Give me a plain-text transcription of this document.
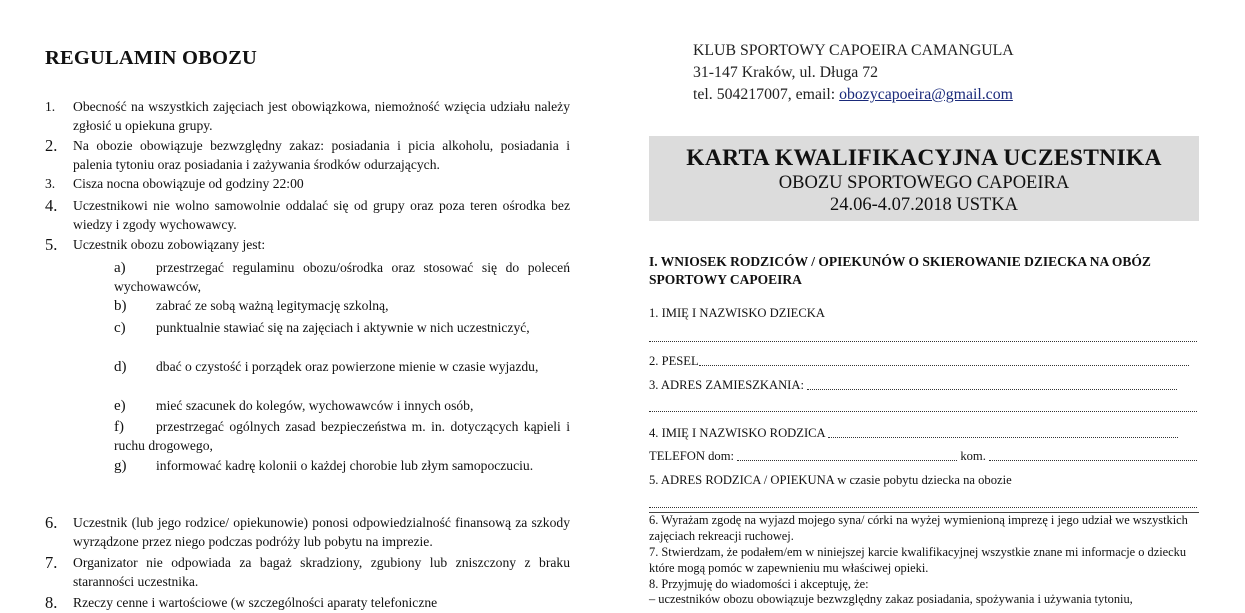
REGULAMIN OBOZU
1. Obecność na wszystkich zajęciach jest obowiązkowa, niemożność wzięcia udziału należy zgłosić u opiekuna grupy.
2. Na obozie obowiązuje bezwzględny zakaz: posiadania i picia alkoholu, posiadania i palenia tytoniu oraz posiadania i zażywania środków odurzających.
3. Cisza nocna obowiązuje od godziny 22:00
4. Uczestnikowi nie wolno samowolnie oddalać się od grupy oraz poza teren ośrodka bez wiedzy i zgody wychowawcy.
5. Uczestnik obozu zobowiązany jest:
a) przestrzegać regulaminu obozu/ośrodka oraz stosować się do poleceń wychowawców,
b) zabrać ze sobą ważną legitymację szkolną,
c) punktualnie stawiać się na zajęciach i aktywnie w nich uczestniczyć,
d) dbać o czystość i porządek oraz powierzone mienie w czasie wyjazdu,
e) mieć szacunek do kolegów, wychowawców i innych osób,
f) przestrzegać ogólnych zasad bezpieczeństwa m. in. dotyczących kąpieli i ruchu drogowego,
g) informować kadrę kolonii o każdej chorobie lub złym samopoczuciu.
6. Uczestnik (lub jego rodzice/ opiekunowie) ponosi odpowiedzialność finansową za szkody wyrządzone przez niego podczas podróży lub pobytu na imprezie.
7. Organizator nie odpowiada za bagaż skradziony, zgubiony lub zniszczony z braku staranności uczestnika.
8. Rzeczy cenne i wartościowe (w szczególności aparaty telefoniczne
KLUB SPORTOWY CAPOEIRA CAMANGULA
31-147 Kraków, ul. Długa 72
tel. 504217007, email: obozycapoeira@gmail.com
KARTA KWALIFIKACYJNA UCZESTNIKA
OBOZU SPORTOWEGO CAPOEIRA
24.06-4.07.2018 USTKA
I. WNIOSEK RODZICÓW / OPIEKUNÓW O SKIEROWANIE DZIECKA NA OBÓZ SPORTOWY CAPOEIRA
1. IMIĘ I NAZWISKO DZIECKA
2. PESEL
3. ADRES ZAMIESZKANIA:
4. IMIĘ I NAZWISKO RODZICA
TELEFON dom:	kom.
5. ADRES RODZICA / OPIEKUNA w czasie pobytu dziecka na obozie
6. Wyrażam zgodę na wyjazd mojego syna/ córki na wyżej wymienioną imprezę i jego udział we wszystkich zajęciach rekreacji ruchowej.
7. Stwierdzam, że podałem/em w niniejszej karcie kwalifikacyjnej wszystkie znane mi informacje o dziecku które mogą pomóc w zapewnieniu mu właściwej opieki.
8. Przyjmuję do wiadomości i akceptuję, że:
– uczestników obozu obowiązuje bezwzględny zakaz posiadania, spożywania i używania tytoniu,
